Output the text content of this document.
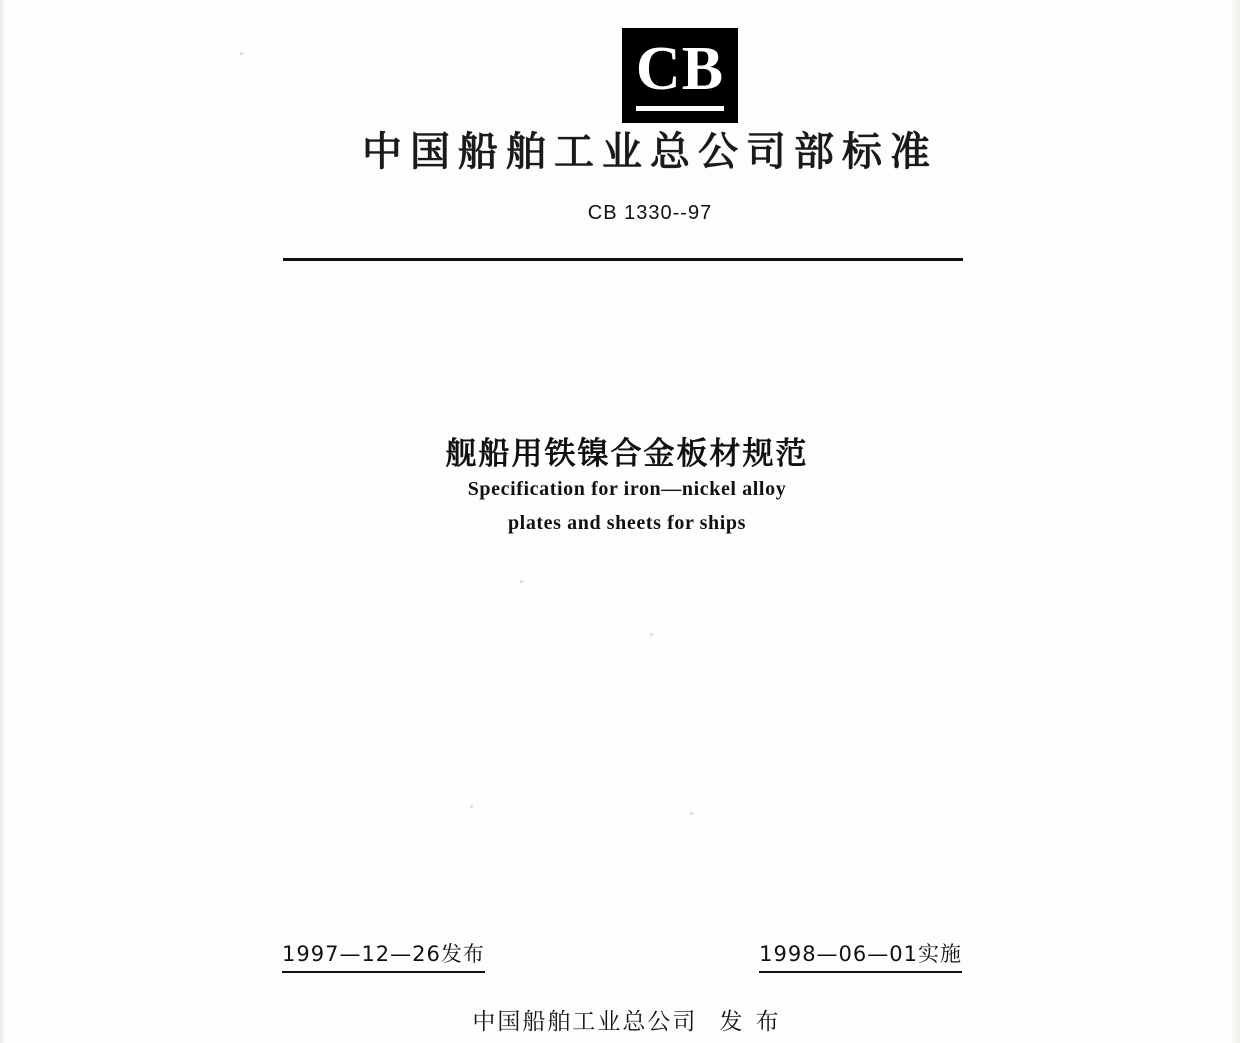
CB
中国船舶工业总公司部标准
CB 1330--97
舰船用铁镍合金板材规范
Specification for iron—nickel alloy
plates and sheets for ships
1997—12—26发布	1998—06—01实施
中国船舶工业总公司 发 布
